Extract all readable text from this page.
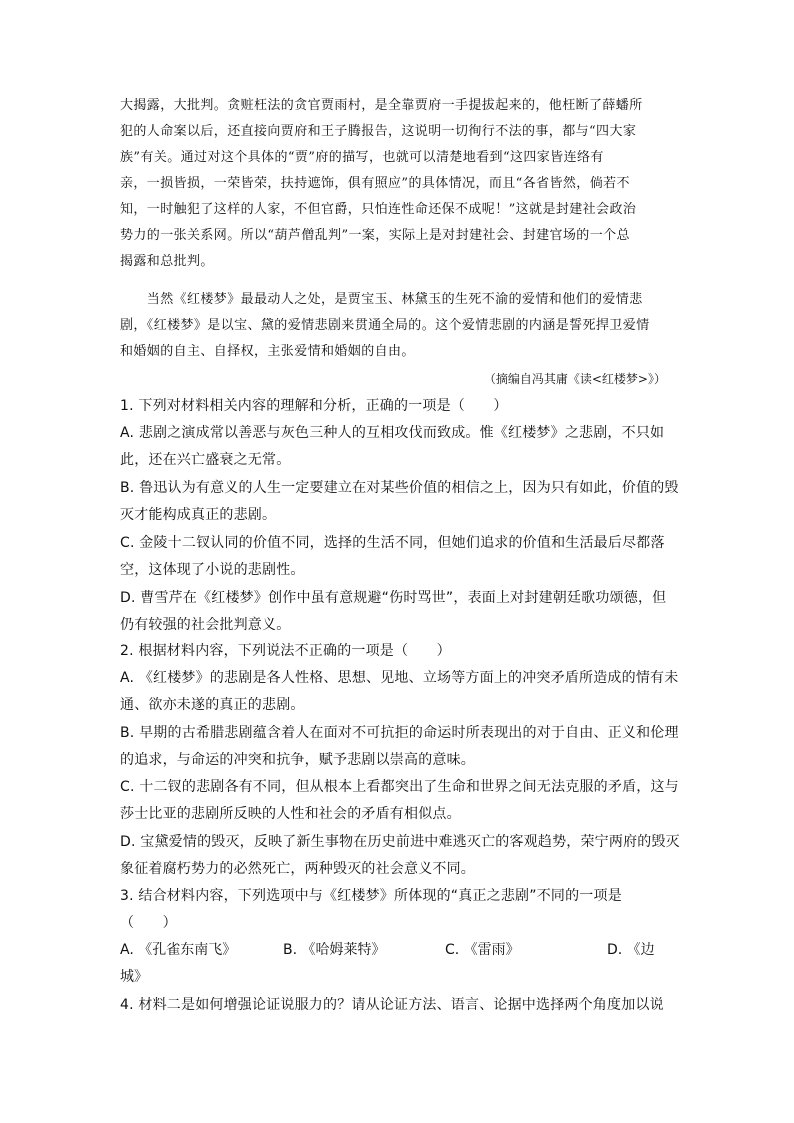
大揭露，大批判。贪赃枉法的贪官贾雨村，是全靠贾府一手提拔起来的，他枉断了薛蟠所
犯的人命案以后，还直接向贾府和王子腾报告，这说明一切徇行不法的事，都与“四大家
族”有关。通过对这个具体的“贾”府的描写，也就可以清楚地看到“这四家皆连络有
亲，一损皆损，一荣皆荣，扶持遮饰，俱有照应”的具体情况，而且“各省皆然，倘若不
知，一时触犯了这样的人家，不但官爵，只怕连性命还保不成呢！”这就是封建社会政治
势力的一张关系网。所以“葫芦僧乱判”一案，实际上是对封建社会、封建官场的一个总
揭露和总批判。
　　当然《红楼梦》最最动人之处，是贾宝玉、林黛玉的生死不渝的爱情和他们的爱情悲
剧，《红楼梦》是以宝、黛的爱情悲剧来贯通全局的。这个爱情悲剧的内涵是誓死捍卫爱情
和婚姻的自主、自择权，主张爱情和婚姻的自由。
（摘编自冯其庸《读<红楼梦>》）
1. 下列对材料相关内容的理解和分析，正确的一项是（　　）
A. 悲剧之演成常以善恶与灰色三种人的互相攻伐而致成。惟《红楼梦》之悲剧，不只如
此，还在兴亡盛衰之无常。
B. 鲁迅认为有意义的人生一定要建立在对某些价值的相信之上，因为只有如此，价值的毁
灭才能构成真正的悲剧。
C. 金陵十二钗认同的价值不同，选择的生活不同，但她们追求的价值和生活最后尽都落
空，这体现了小说的悲剧性。
D. 曹雪芹在《红楼梦》创作中虽有意规避“伤时骂世”，表面上对封建朝廷歌功颂德，但
仍有较强的社会批判意义。
2. 根据材料内容，下列说法不正确的一项是（　　）
A. 《红楼梦》的悲剧是各人性格、思想、见地、立场等方面上的冲突矛盾所造成的情有未
通、欲亦未遂的真正的悲剧。
B. 早期的古希腊悲剧蕴含着人在面对不可抗拒的命运时所表现出的对于自由、正义和伦理
的追求，与命运的冲突和抗争，赋予悲剧以崇高的意味。
C. 十二钗的悲剧各有不同，但从根本上看都突出了生命和世界之间无法克服的矛盾，这与
莎士比亚的悲剧所反映的人性和社会的矛盾有相似点。
D. 宝黛爱情的毁灭，反映了新生事物在历史前进中难逃灭亡的客观趋势，荣宁两府的毁灭
象征着腐朽势力的必然死亡，两种毁灭的社会意义不同。
3. 结合材料内容，下列选项中与《红楼梦》所体现的“真正之悲剧”不同的一项是
（　　）
A. 《孔雀东南飞》	B. 《哈姆莱特》	C. 《雷雨》	D. 《边
城》
4. 材料二是如何增强论证说服力的？请从论证方法、语言、论据中选择两个角度加以说
